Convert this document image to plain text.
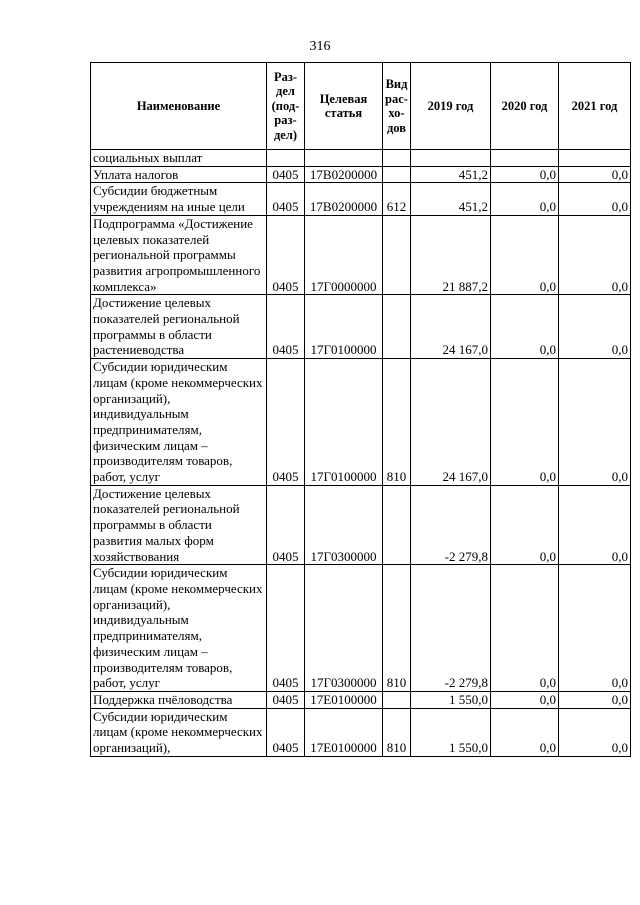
316
Наименование	Раз- дел (под- раз- дел)	Целевая статья	Вид рас- хо- дов	2019 год	2020 год	2021 год
социальных выплат						
Уплата налогов	0405	17В0200000		451,2	0,0	0,0
Субсидии бюджетным учреждениям на иные цели	0405	17В0200000	612	451,2	0,0	0,0
Подпрограмма «Достижение целевых показателей региональной программы развития агропромышленного комплекса»	0405	17Г0000000		21 887,2	0,0	0,0
Достижение целевых показателей региональной программы в области растениеводства	0405	17Г0100000		24 167,0	0,0	0,0
Субсидии юридическим лицам (кроме некоммерческих организаций), индивидуальным предпринимателям, физическим лицам – производителям товаров, работ, услуг	0405	17Г0100000	810	24 167,0	0,0	0,0
Достижение целевых показателей региональной программы в области развития малых форм хозяйствования	0405	17Г0300000		-2 279,8	0,0	0,0
Субсидии юридическим лицам (кроме некоммерческих организаций), индивидуальным предпринимателям, физическим лицам – производителям товаров, работ, услуг	0405	17Г0300000	810	-2 279,8	0,0	0,0
Поддержка пчёловодства	0405	17Е0100000		1 550,0	0,0	0,0
Субсидии юридическим лицам (кроме некоммерческих организаций),	0405	17Е0100000	810	1 550,0	0,0	0,0
